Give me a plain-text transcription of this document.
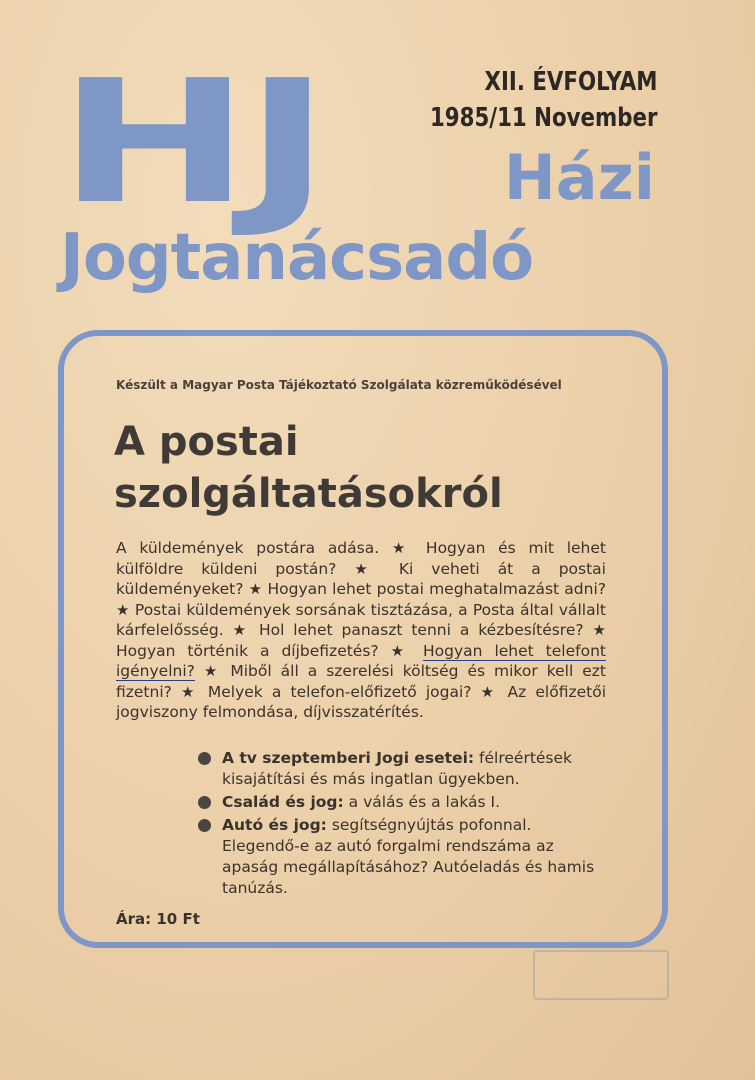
HJ	XII. ÉVFOLYAM
1985/11 November
Házi
Jogtanácsadó
Készült a Magyar Posta Tájékoztató Szolgálata közreműködésével
A postai
szolgáltatásokról
A küldemények postára adása. ★ Hogyan és mit lehet külföldre küldeni postán? ★ Ki veheti át a postai küldeményeket? ★ Hogyan lehet postai meghatalmazást adni? ★ Postai küldemények sorsának tisztázása, a Posta által vállalt kárfelelősség. ★ Hol lehet panaszt tenni a kézbesítésre? ★ Hogyan történik a díjbefizetés? ★ Hogyan lehet telefont igényelni? ★ Miből áll a szerelési költség és mikor kell ezt fizetni? ★ Melyek a telefon-előfizető jogai? ★ Az előfizetői jogviszony felmondása, díjvisszatérítés.
A tv szeptemberi Jogi esetei: félreértések kisajátítási és más ingatlan ügyekben.
Család és jog: a válás és a lakás I.
Autó és jog: segítségnyújtás pofonnal. Elegendő-e az autó forgalmi rendszáma az apaság megállapításához? Autóeladás és hamis tanúzás.
Ára: 10 Ft
